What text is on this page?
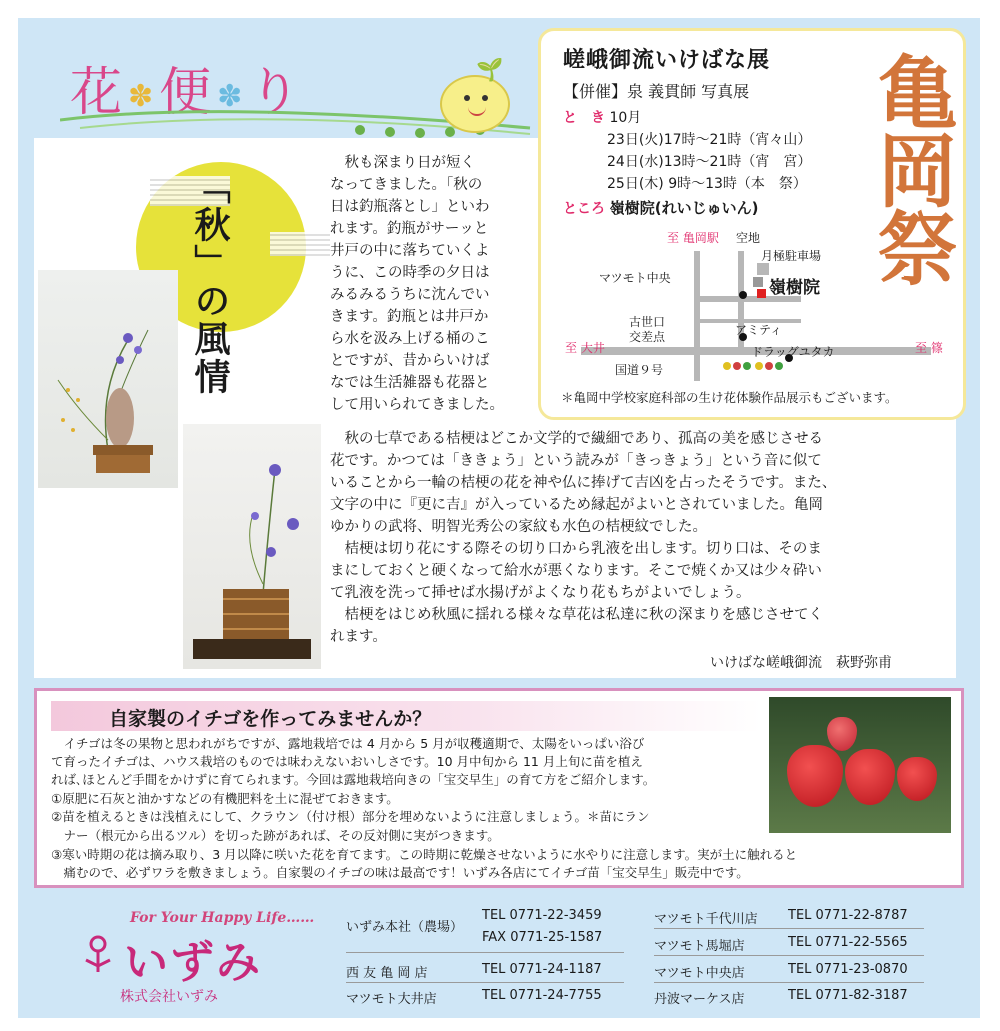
花✽便✽り	🌱
「秋」の風情
　秋も深まり日が短く
なってきました。「秋の
日は釣瓶落とし」といわ
れます。釣瓶がサーッと
井戸の中に落ちていくよ
うに、この時季の夕日は
みるみるうちに沈んでい
きます。釣瓶とは井戸か
ら水を汲み上げる桶のこ
とですが、昔からいけば
なでは生活雑器も花器と
して用いられてきました。
　秋の七草である桔梗はどこか文学的で繊細であり、孤高の美を感じさせる
花です。かつては「ききょう」という読みが「きっきょう」という音に似て
いることから一輪の桔梗の花を神や仏に捧げて吉凶を占ったそうです。また、
文字の中に『更に吉』が入っているため縁起がよいとされていました。亀岡
ゆかりの武将、明智光秀公の家紋も水色の桔梗紋でした。
　桔梗は切り花にする際その切り口から乳液を出します。切り口は、そのま
まにしておくと硬くなって給水が悪くなります。そこで焼くか又は少々砕い
て乳液を洗って挿せば水揚げがよくなり花もちがよいでしょう。
　桔梗をはじめ秋風に揺れる様々な草花は私達に秋の深まりを感じさせてく
れます。
いけばな嵯峨御流　萩野弥甫
嵯峨御流いけばな展
【併催】泉 義貫師 写真展
と　き 10月
23日(火)17時～21時（宵々山）
24日(水)13時～21時（宵　宮）
25日(木) 9時～13時（本　祭）
ところ 嶺樹院(れいじゅいん) 亀岡祭
至 亀岡駅 空地
月極駐車場
マツモト中央	嶺樹院
古世口
交差点	アミティ
ドラッグユタカ
至 大井	至 篠
国道９号
＊亀岡中学校家庭科部の生け花体験作品展示もございます。
自家製のイチゴを作ってみませんか？
　イチゴは冬の果物と思われがちですが、露地栽培では 4 月から 5 月が収穫適期で、太陽をいっぱい浴び
て育ったイチゴは、ハウス栽培のものでは味わえないおいしさです。10 月中旬から 11 月上旬に苗を植え
れば､ほとんど手間をかけずに育てられます。今回は露地栽培向きの「宝交早生」の育て方をご紹介します。
①原肥に石灰と油かすなどの有機肥料を土に混ぜておきます。
②苗を植えるときは浅植えにして、クラウン（付け根）部分を埋めないように注意しましょう。＊苗にラン
　ナー（根元から出るツル）を切った跡があれば、その反対側に実がつきます。
③寒い時期の花は摘み取り、3 月以降に咲いた花を育てます。この時期に乾燥させないように水やりに注意します。実が土に触れると
　痛むので、必ずワラを敷きましょう。自家製のイチゴの味は最高です！いずみ各店にてイチゴ苗「宝交早生」販売中です。
For Your Happy Life……
いずみ
株式会社いずみ
いずみ本社（農場）
TEL 0771-22-3459
FAX 0771-25-1587
西 友 亀 岡 店	TEL 0771-24-1187
マツモト大井店	TEL 0771-24-7755
マツモト千代川店 TEL 0771-22-8787
マツモト馬堀店	TEL 0771-22-5565
マツモト中央店	TEL 0771-23-0870
丹波マーケス店	TEL 0771-82-3187
